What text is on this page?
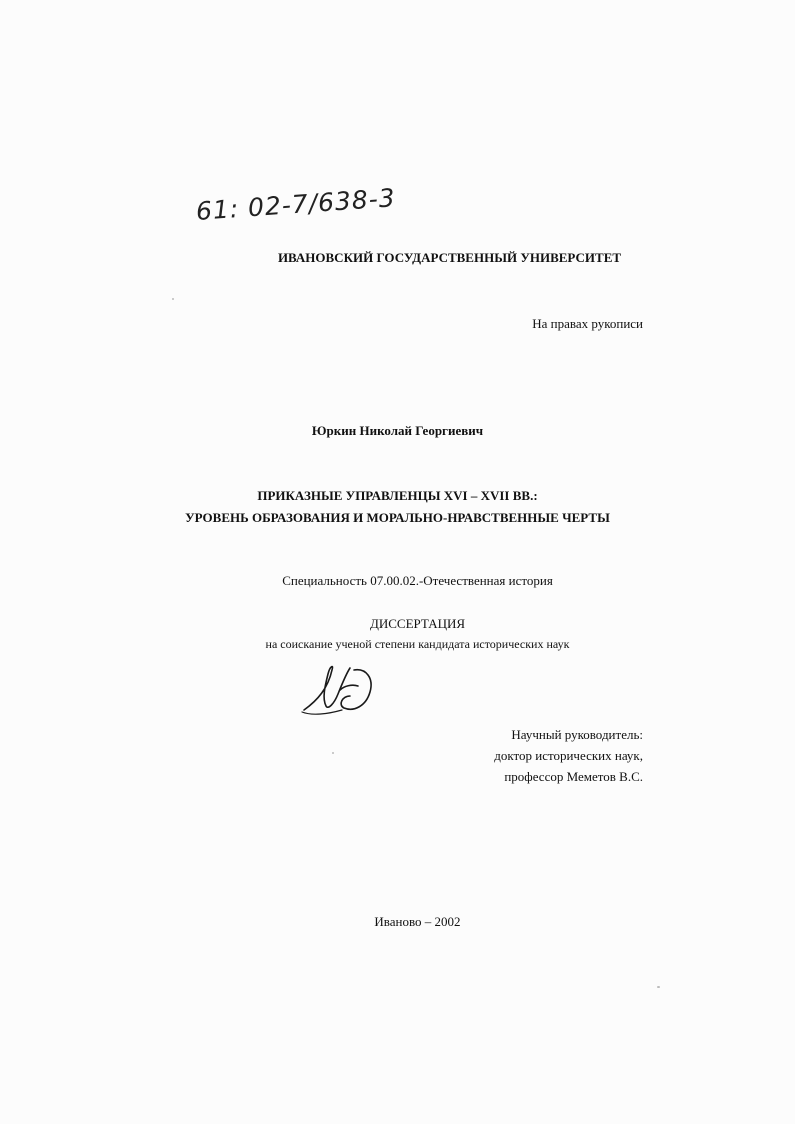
61: 02-7/638-3
ИВАНОВСКИЙ ГОСУДАРСТВЕННЫЙ УНИВЕРСИТЕТ
На правах рукописи
Юркин Николай Георгиевич
ПРИКАЗНЫЕ УПРАВЛЕНЦЫ XVI – XVII ВВ.:
УРОВЕНЬ ОБРАЗОВАНИЯ И МОРАЛЬНО-НРАВСТВЕННЫЕ ЧЕРТЫ
Специальность 07.00.02.-Отечественная история
ДИССЕРТАЦИЯ
на соискание ученой степени кандидата исторических наук
Научный руководитель:
доктор исторических наук,
профессор Меметов В.С.
Иваново – 2002
